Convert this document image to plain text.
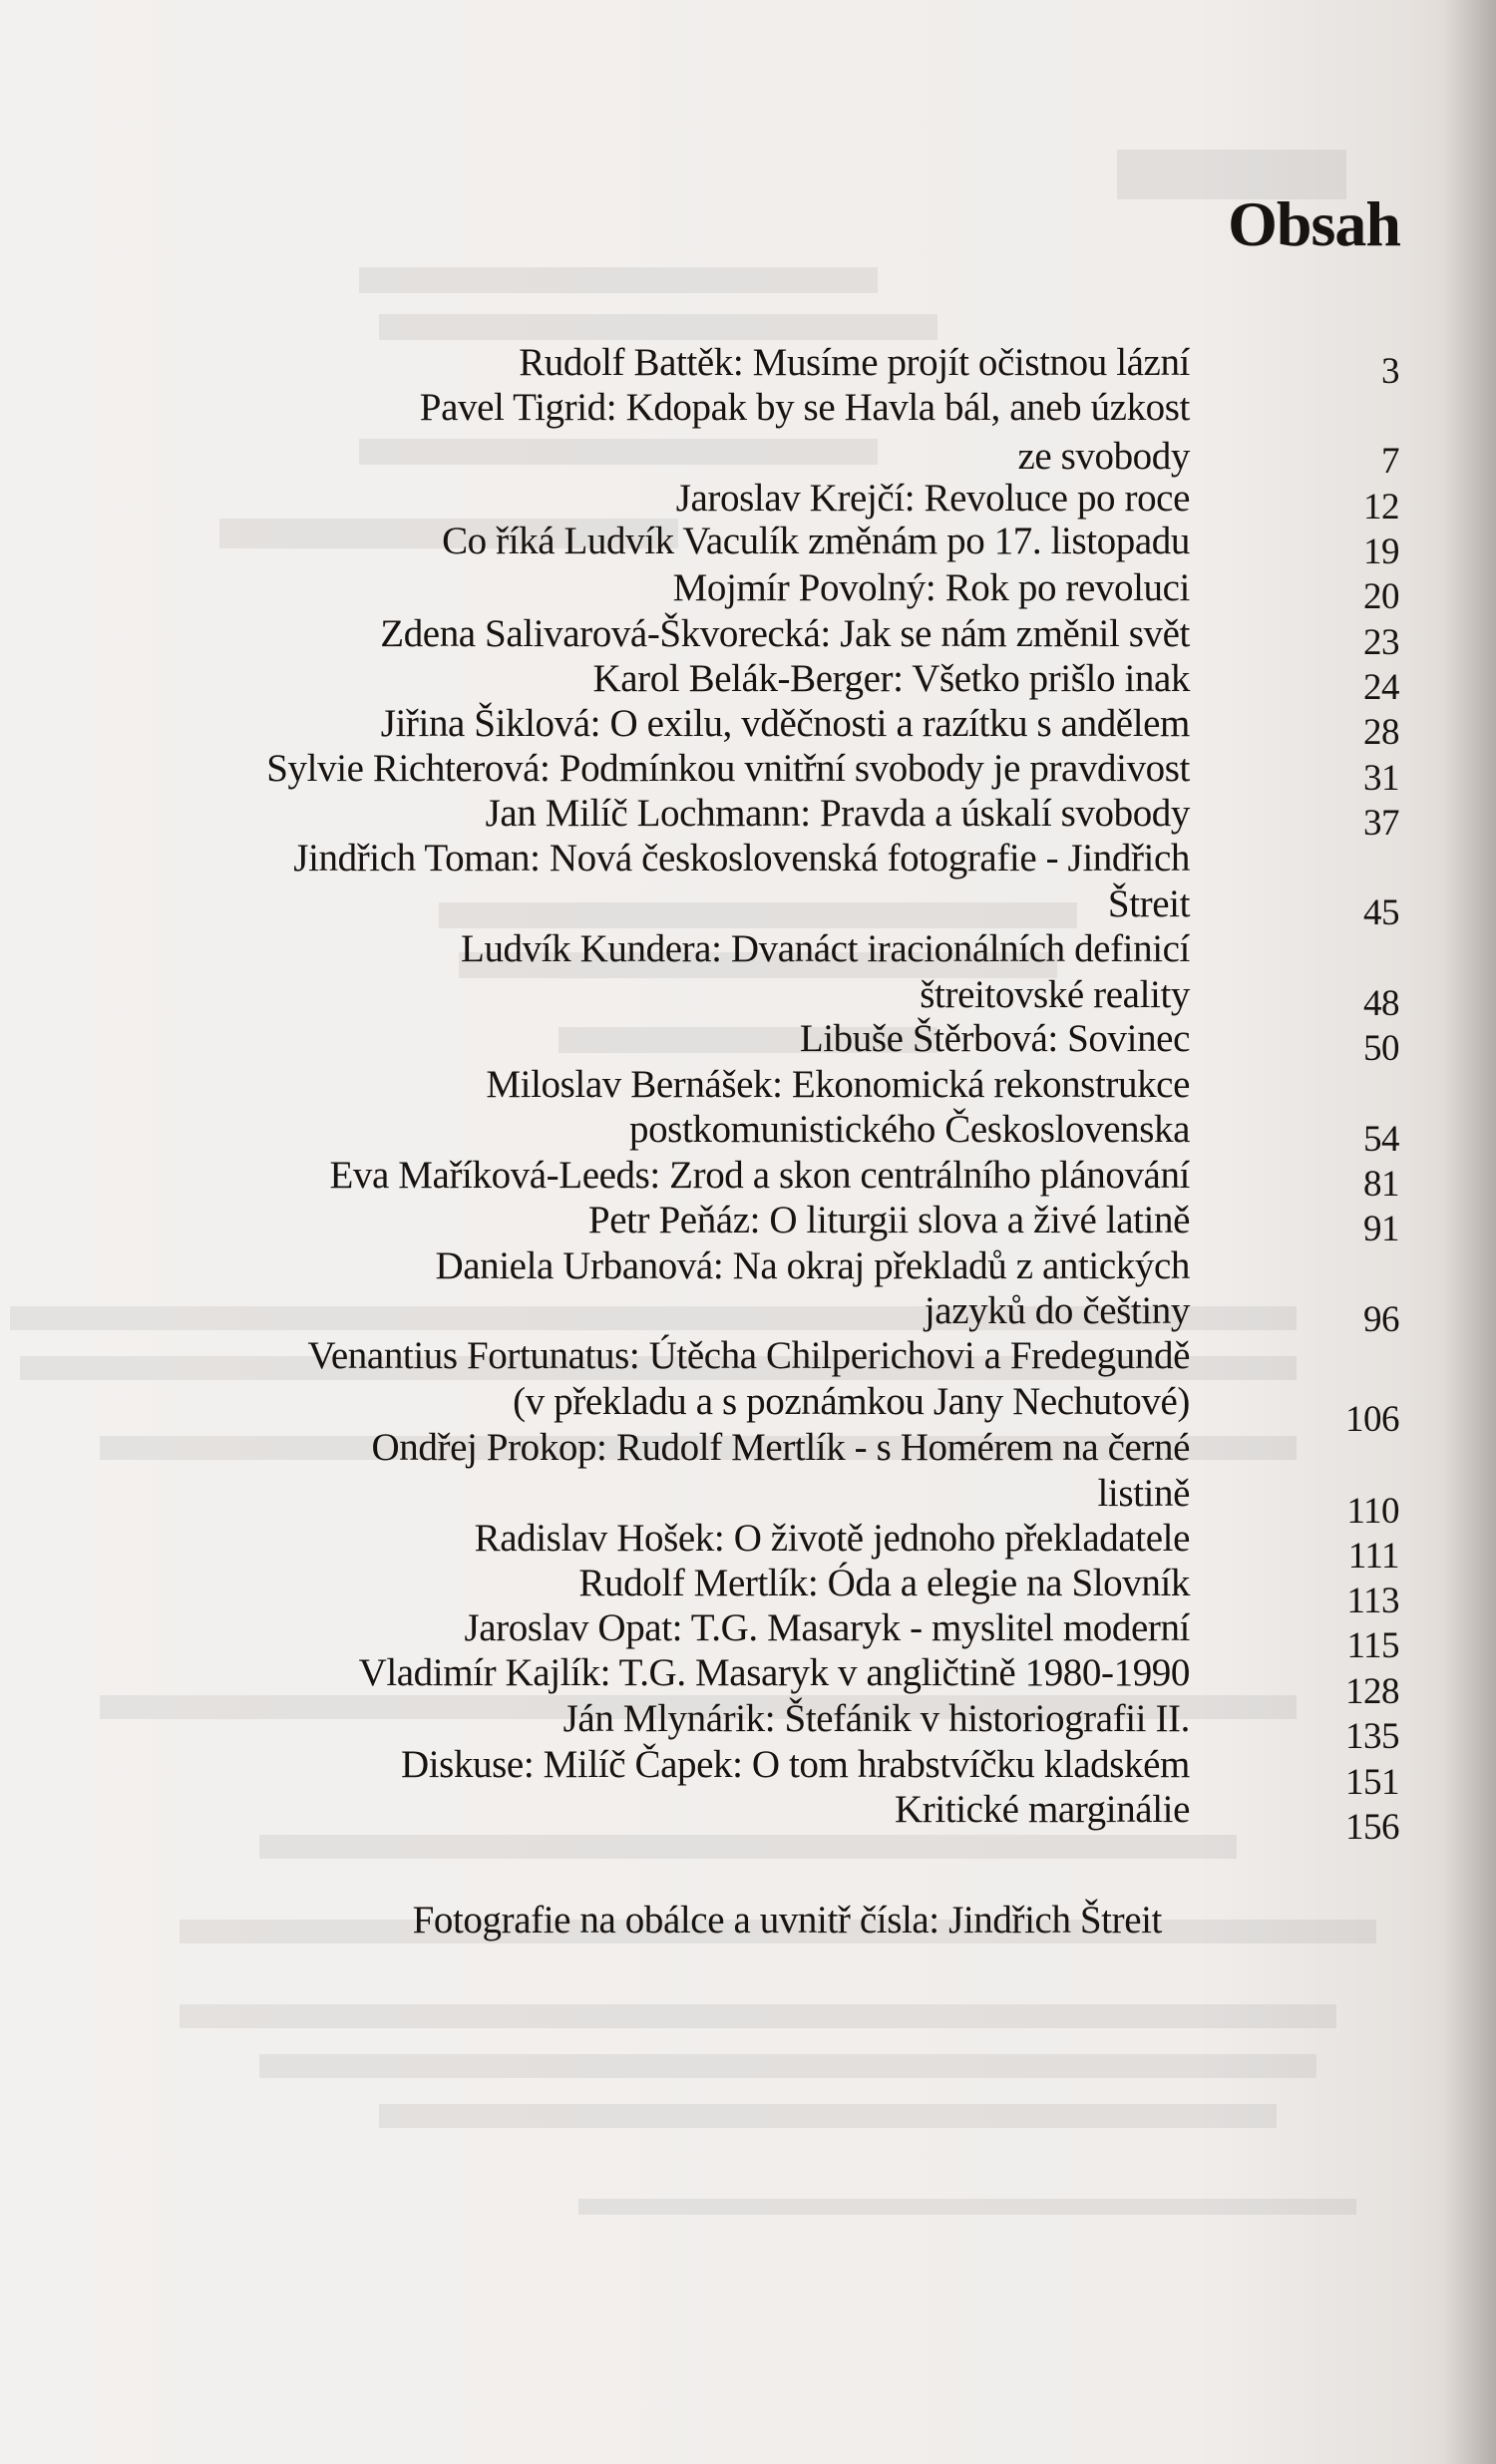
Obsah
Rudolf Battěk: Musíme projít očistnou lázní	3
Pavel Tigrid: Kdopak by se Havla bál, aneb úzkost
ze svobody	7
Jaroslav Krejčí: Revoluce po roce	12
Co říká Ludvík Vaculík změnám po 17. listopadu	19
Mojmír Povolný: Rok po revoluci	20
Zdena Salivarová-Škvorecká: Jak se nám změnil svět	23
Karol Belák-Berger: Všetko prišlo inak	24
Jiřina Šiklová: O exilu, vděčnosti a razítku s andělem	28
Sylvie Richterová: Podmínkou vnitřní svobody je pravdivost	31
Jan Milíč Lochmann: Pravda a úskalí svobody	37
Jindřich Toman: Nová československá fotografie - Jindřich
Štreit	45
Ludvík Kundera: Dvanáct iracionálních definicí
štreitovské reality	48
Libuše Štěrbová: Sovinec	50
Miloslav Bernášek: Ekonomická rekonstrukce
postkomunistického Československa	54
Eva Maříková-Leeds: Zrod a skon centrálního plánování	81
Petr Peňáz: O liturgii slova a živé latině	91
Daniela Urbanová: Na okraj překladů z antických
jazyků do češtiny	96
Venantius Fortunatus: Útěcha Chilperichovi a Fredegundě
(v překladu a s poznámkou Jany Nechutové)	106
Ondřej Prokop: Rudolf Mertlík - s Homérem na černé
listině	110
Radislav Hošek: O životě jednoho překladatele	111
Rudolf Mertlík: Óda a elegie na Slovník	113
Jaroslav Opat: T.G. Masaryk - myslitel moderní	115
Vladimír Kajlík: T.G. Masaryk v angličtině 1980-1990	128
Ján Mlynárik: Štefánik v historiografii II.	135
Diskuse: Milíč Čapek: O tom hrabstvíčku kladském	151
Kritické marginálie	156
Fotografie na obálce a uvnitř čísla: Jindřich Štreit
